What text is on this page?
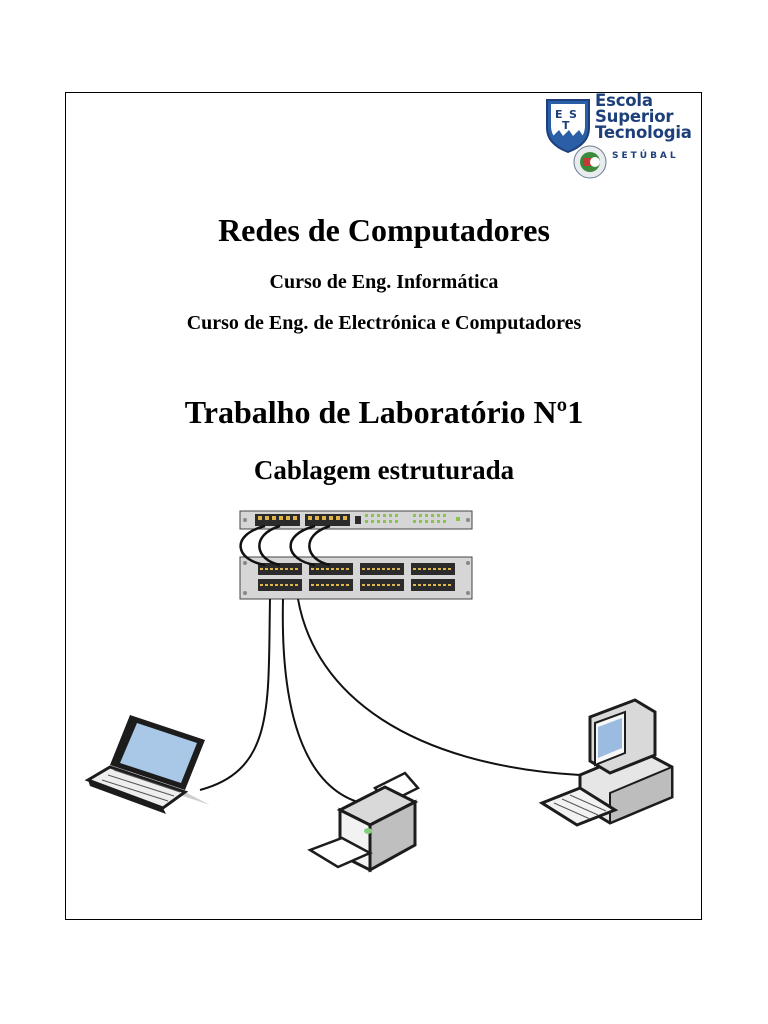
E S
T
Escola
Superior
Tecnologia
SETÚBAL
Redes de Computadores
Curso de Eng. Informática
Curso de Eng. de Electrónica e Computadores
Trabalho de Laboratório Nº1
Cablagem estruturada
